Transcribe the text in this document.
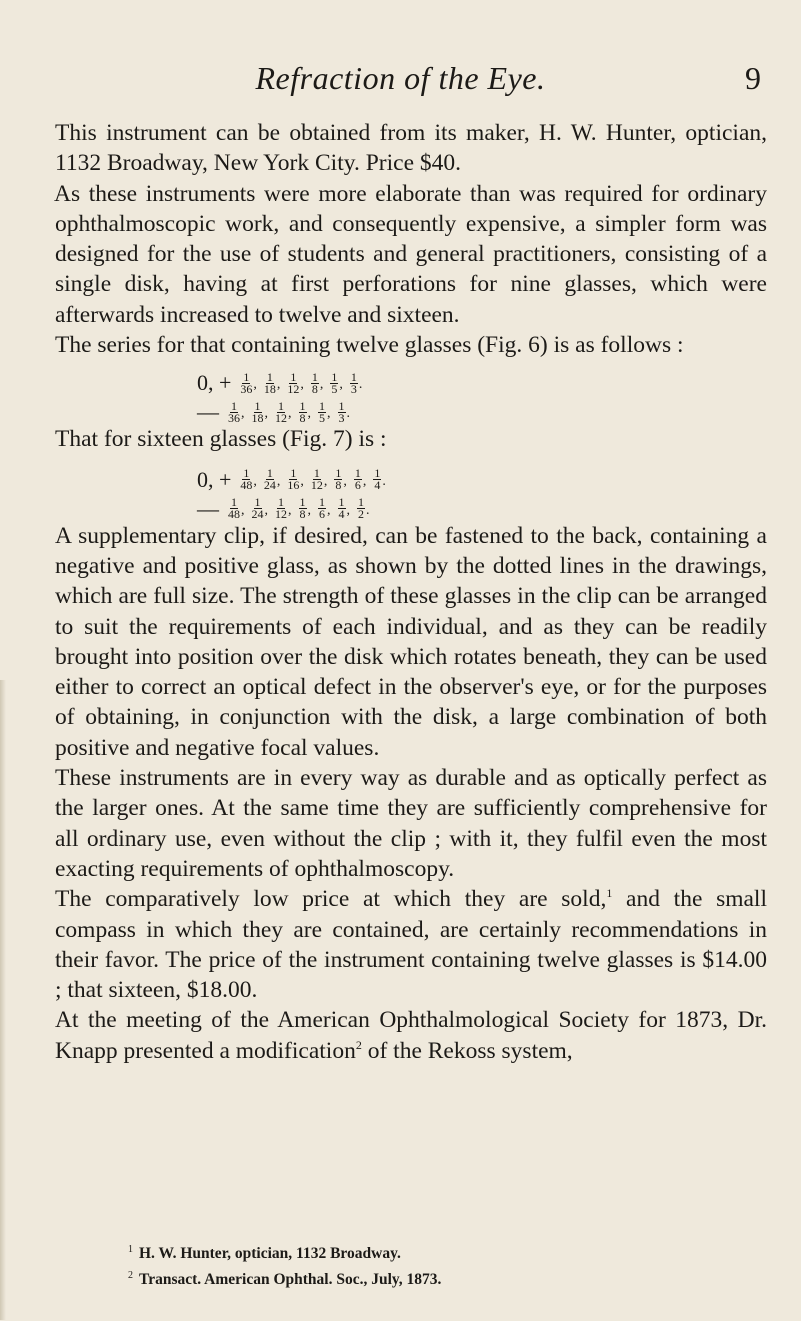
Refraction of the Eye.	9

This instrument can be obtained from its maker, H. W. Hunter, optician, 1132 Broadway, New York City. Price $40.

As these instruments were more elaborate than was required for ordinary ophthalmoscopic work, and consequently expensive, a simpler form was designed for the use of students and general practitioners, consisting of a single disk, having at first perforations for nine glasses, which were afterwards increased to twelve and sixteen.

The series for that containing twelve glasses (Fig. 6) is as follows :

0, + $\frac{1}{36}$ , $\frac{1}{18}$ , $\frac{1}{12}$ , $\frac{1}{8}$ , $\frac{1}{5}$ , $\frac{1}{3}$ .
— $\frac{1}{36}$ , $\frac{1}{18}$ , $\frac{1}{12}$ , $\frac{1}{8}$ , $\frac{1}{5}$ , $\frac{1}{3}$ .

That for sixteen glasses (Fig. 7) is :

0, + $\frac{1}{48}$ , $\frac{1}{24}$ , $\frac{1}{16}$ , $\frac{1}{12}$ , $\frac{1}{8}$ , $\frac{1}{6}$ , $\frac{1}{4}$ .
— $\frac{1}{48}$ , $\frac{1}{24}$ , $\frac{1}{12}$ , $\frac{1}{8}$ , $\frac{1}{6}$ , $\frac{1}{4}$ , $\frac{1}{2}$ .

A supplementary clip, if desired, can be fastened to the back, containing a negative and positive glass, as shown by the dotted lines in the drawings, which are full size. The strength of these glasses in the clip can be arranged to suit the requirements of each individual, and as they can be readily brought into position over the disk which rotates beneath, they can be used either to correct an optical defect in the observer's eye, or for the purposes of obtaining, in conjunction with the disk, a large combination of both positive and negative focal values.

These instruments are in every way as durable and as optically perfect as the larger ones. At the same time they are sufficiently comprehensive for all ordinary use, even without the clip ; with it, they fulfil even the most exacting requirements of ophthalmoscopy.

The comparatively low price at which they are sold,$^1$ and the small compass in which they are contained, are certainly recommendations in their favor. The price of the instrument containing twelve glasses is $14.00 ; that sixteen, $18.00.

At the meeting of the American Ophthalmological Society for 1873, Dr. Knapp presented a modification$^2$ of the Rekoss system,

$^1$ H. W. Hunter, optician, 1132 Broadway.
$^2$ Transact. American Ophthal. Soc., July, 1873.
